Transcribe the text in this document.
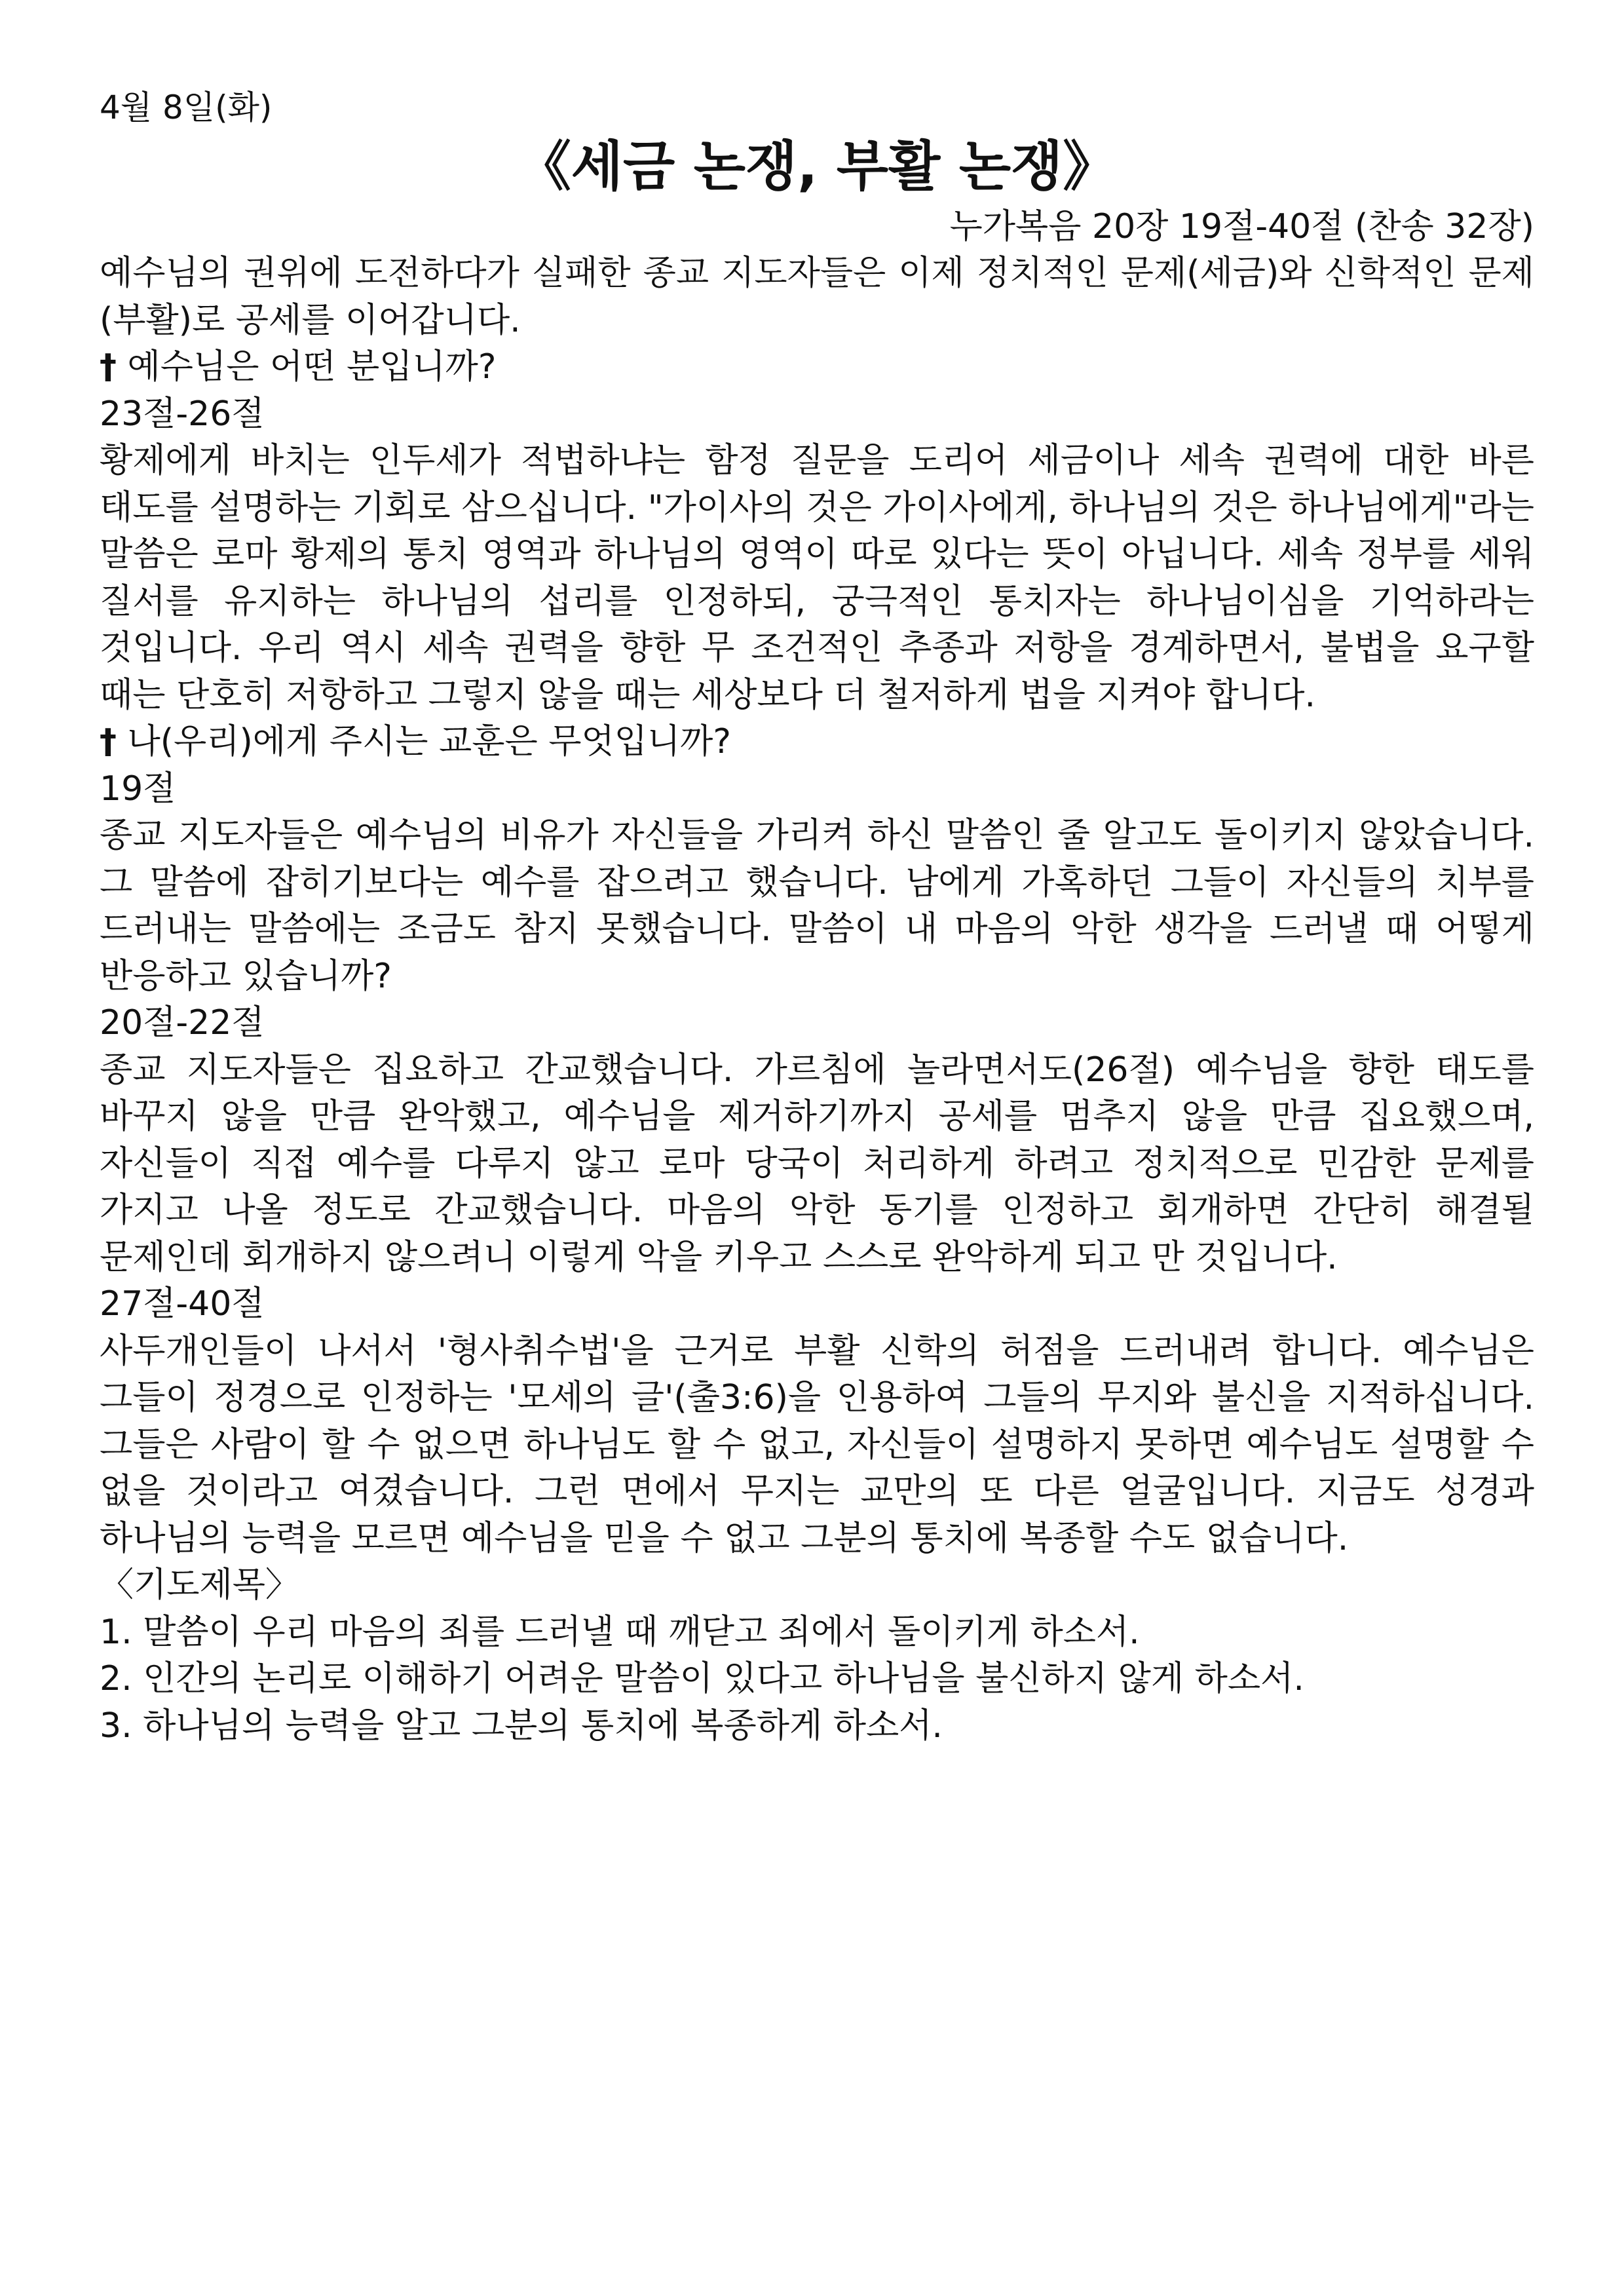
4월 8일(화)

《세금 논쟁, 부활 논쟁》

누가복음 20장 19절-40절 (찬송 32장)

예수님의 권위에 도전하다가 실패한 종교 지도자들은 이제 정치적인 문제(세금)와 신학적인 문제(부활)로 공세를 이어갑니다.

† 예수님은 어떤 분입니까?

23절-26절

황제에게 바치는 인두세가 적법하냐는 함정 질문을 도리어 세금이나 세속 권력에 대한 바른 태도를 설명하는 기회로 삼으십니다. "가이사의 것은 가이사에게, 하나님의 것은 하나님에게"라는 말씀은 로마 황제의 통치 영역과 하나님의 영역이 따로 있다는 뜻이 아닙니다. 세속 정부를 세워 질서를 유지하는 하나님의 섭리를 인정하되, 궁극적인 통치자는 하나님이심을 기억하라는 것입니다. 우리 역시 세속 권력을 향한 무 조건적인 추종과 저항을 경계하면서, 불법을 요구할 때는 단호히 저항하고 그렇지 않을 때는 세상보다 더 철저하게 법을 지켜야 합니다.

† 나(우리)에게 주시는 교훈은 무엇입니까?

19절

종교 지도자들은 예수님의 비유가 자신들을 가리켜 하신 말씀인 줄 알고도 돌이키지 않았습니다. 그 말씀에 잡히기보다는 예수를 잡으려고 했습니다. 남에게 가혹하던 그들이 자신들의 치부를 드러내는 말씀에는 조금도 참지 못했습니다. 말씀이 내 마음의 악한 생각을 드러낼 때 어떻게 반응하고 있습니까?

20절-22절

종교 지도자들은 집요하고 간교했습니다. 가르침에 놀라면서도(26절) 예수님을 향한 태도를 바꾸지 않을 만큼 완악했고, 예수님을 제거하기까지 공세를 멈추지 않을 만큼 집요했으며, 자신들이 직접 예수를 다루지 않고 로마 당국이 처리하게 하려고 정치적으로 민감한 문제를 가지고 나올 정도로 간교했습니다. 마음의 악한 동기를 인정하고 회개하면 간단히 해결될 문제인데 회개하지 않으려니 이렇게 악을 키우고 스스로 완악하게 되고 만 것입니다.

27절-40절

사두개인들이 나서서 '형사취수법'을 근거로 부활 신학의 허점을 드러내려 합니다. 예수님은 그들이 정경으로 인정하는 '모세의 글'(출3:6)을 인용하여 그들의 무지와 불신을 지적하십니다. 그들은 사람이 할 수 없으면 하나님도 할 수 없고, 자신들이 설명하지 못하면 예수님도 설명할 수 없을 것이라고 여겼습니다. 그런 면에서 무지는 교만의 또 다른 얼굴입니다. 지금도 성경과 하나님의 능력을 모르면 예수님을 믿을 수 없고 그분의 통치에 복종할 수도 없습니다.

〈기도제목〉

1. 말씀이 우리 마음의 죄를 드러낼 때 깨닫고 죄에서 돌이키게 하소서.
2. 인간의 논리로 이해하기 어려운 말씀이 있다고 하나님을 불신하지 않게 하소서.
3. 하나님의 능력을 알고 그분의 통치에 복종하게 하소서.
